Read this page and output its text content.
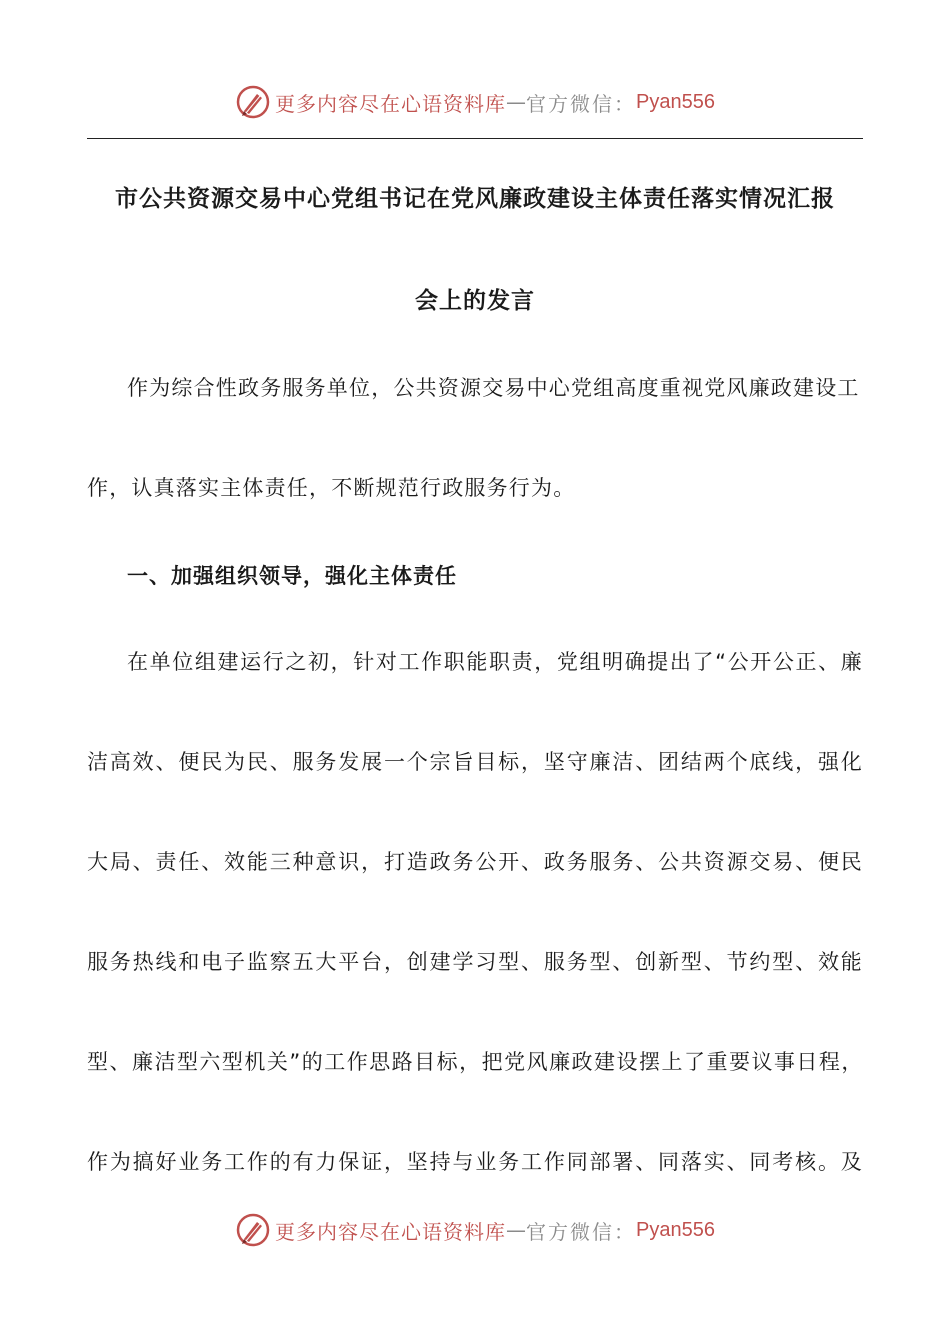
更多内容尽在心语资料库 — 官方微信： Pyan556
市公共资源交易中心党组书记在党风廉政建设主体责任落实情况汇报
会上的发言

作为综合性政务服务单位，公共资源交易中心党组高度重视党风廉政建设工

作，认真落实主体责任，不断规范行政服务行为。

一、加强组织领导，强化主体责任

在单位组建运行之初，针对工作职能职责，党组明确提出了“公开公正、廉

洁高效、便民为民、服务发展一个宗旨目标，坚守廉洁、团结两个底线，强化

大局、责任、效能三种意识，打造政务公开、政务服务、公共资源交易、便民

服务热线和电子监察五大平台，创建学习型、服务型、创新型、节约型、效能

型、廉洁型六型机关”的工作思路目标，把党风廉政建设摆上了重要议事日程，

作为搞好业务工作的有力保证，坚持与业务工作同部署、同落实、同考核。及

更多内容尽在心语资料库 — 官方微信： Pyan556
